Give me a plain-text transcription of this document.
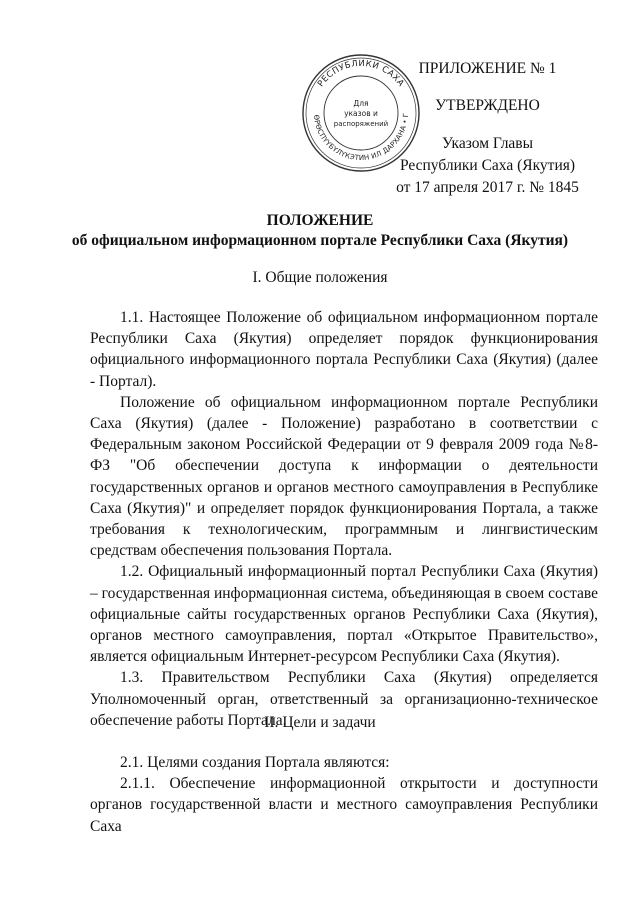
РЕСПУБЛИКИ САХА
ӨРӨСПҮҮБҮЛҮКЭТИН ИЛ ДАРХАНА • Г
Для
указов и
распоряжений
ПРИЛОЖЕНИЕ № 1
УТВЕРЖДЕНО
Указом Главы
Республики Саха (Якутия)
от 17 апреля 2017 г. № 1845
ПОЛОЖЕНИЕ
об официальном информационном портале Республики Саха (Якутия)
I. Общие положения

1.1. Настоящее Положение об официальном информационном портале Республики Саха (Якутия) определяет порядок функционирования официального информационного портала Республики Саха (Якутия) (далее - Портал).

Положение об официальном информационном портале Республики Саха (Якутия) (далее - Положение) разработано в соответствии с Федеральным законом Российской Федерации от 9 февраля 2009 года №8-ФЗ "Об обеспечении доступа к информации о деятельности государственных органов и органов местного самоуправления в Республике Саха (Якутия)" и определяет порядок функционирования Портала, а также требования к технологическим, программным и лингвистическим средствам обеспечения пользования Портала.

1.2. Официальный информационный портал Республики Саха (Якутия) – государственная информационная система, объединяющая в своем составе официальные сайты государственных органов Республики Саха (Якутия), органов местного самоуправления, портал «Открытое Правительство», является официальным Интернет-ресурсом Республики Саха (Якутия).

1.3. Правительством Республики Саха (Якутия) определяется Уполномоченный орган, ответственный за организационно-техническое обеспечение работы Портала.

II. Цели и задачи

2.1. Целями создания Портала являются:

2.1.1. Обеспечение информационной открытости и доступности органов государственной власти и местного самоуправления Республики Саха
